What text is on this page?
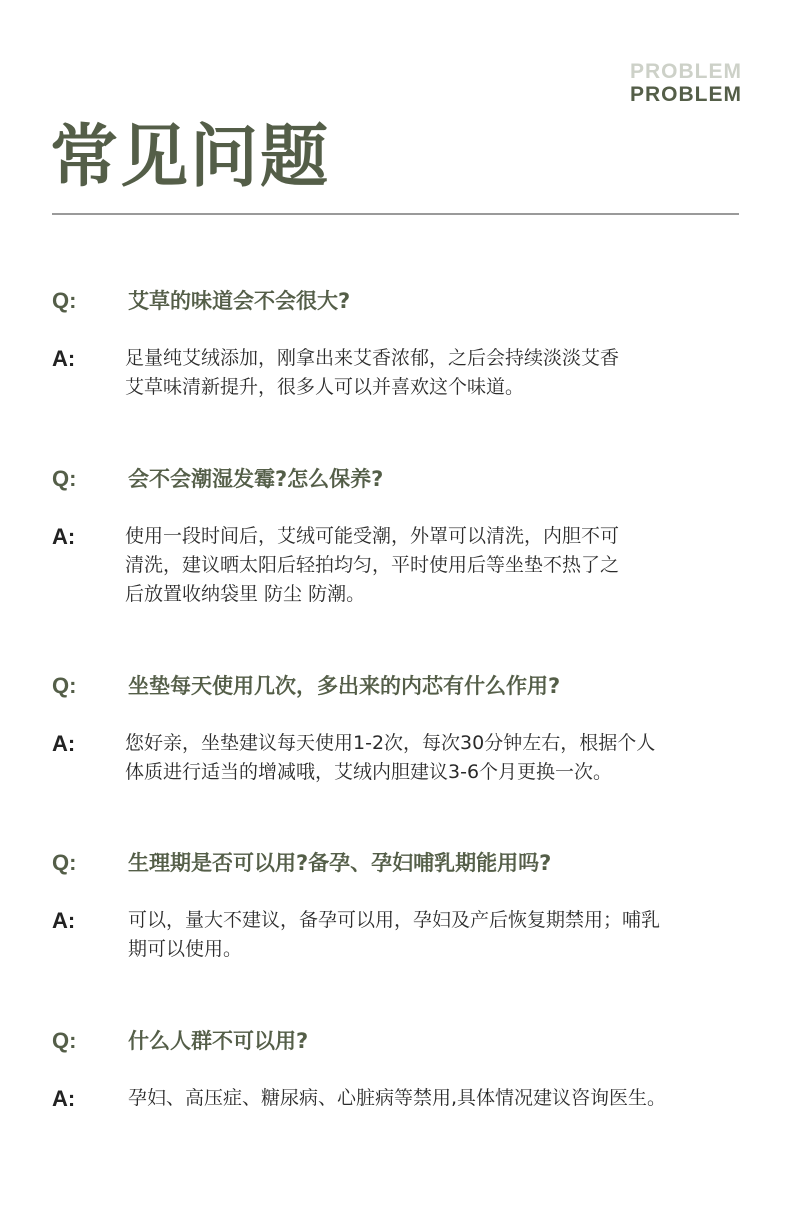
PROBLEM
PROBLEM
常见问题
Q: 艾草的味道会不会很大?
A:	足量纯艾绒添加，刚拿出来艾香浓郁，之后会持续淡淡艾香
艾草味清新提升，很多人可以并喜欢这个味道。
Q: 会不会潮湿发霉?怎么保养?
A:	使用一段时间后，艾绒可能受潮，外罩可以清洗，内胆不可
清洗，建议晒太阳后轻拍均匀，平时使用后等坐垫不热了之
后放置收纳袋里 防尘 防潮。
Q: 坐垫每天使用几次，多出来的内芯有什么作用?
A:	您好亲，坐垫建议每天使用1-2次，每次30分钟左右，根据个人
体质进行适当的增减哦，艾绒内胆建议3-6个月更换一次。
Q: 生理期是否可以用?备孕、孕妇哺乳期能用吗?
A:	可以，量大不建议，备孕可以用，孕妇及产后恢复期禁用；哺乳
期可以使用。
Q: 什么人群不可以用?
A:	孕妇、高压症、糖尿病、心脏病等禁用,具体情况建议咨询医生。
